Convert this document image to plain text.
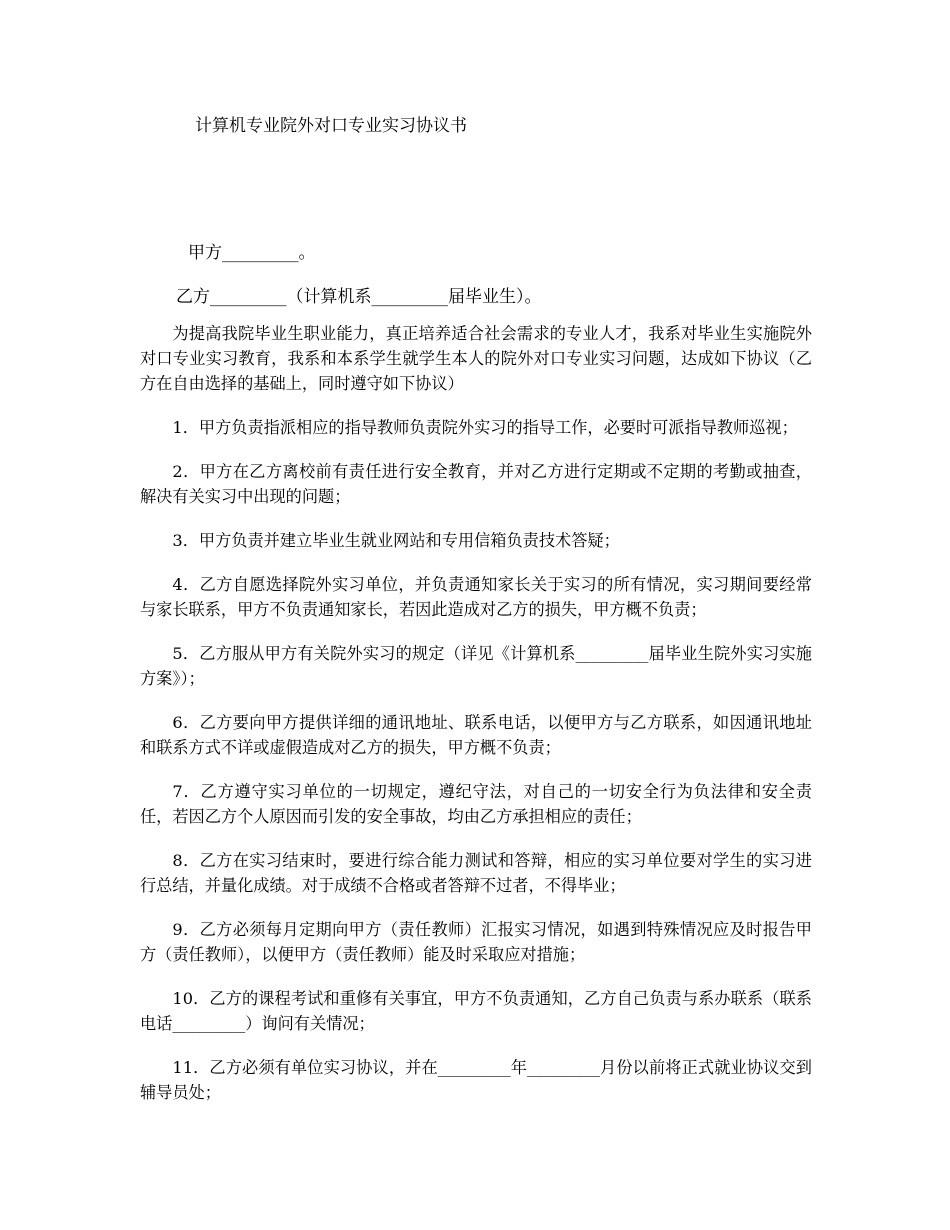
计算机专业院外对口专业实习协议书
甲方_________。
乙方_________（计算机系_________届毕业生）。

为提高我院毕业生职业能力，真正培养适合社会需求的专业人才，我系对毕业生实施院外对口专业实习教育，我系和本系学生就学生本人的院外对口专业实习问题，达成如下协议（乙方在自由选择的基础上，同时遵守如下协议）

1．甲方负责指派相应的指导教师负责院外实习的指导工作，必要时可派指导教师巡视；

2．甲方在乙方离校前有责任进行安全教育，并对乙方进行定期或不定期的考勤或抽查，解决有关实习中出现的问题；

3．甲方负责并建立毕业生就业网站和专用信箱负责技术答疑；

4．乙方自愿选择院外实习单位，并负责通知家长关于实习的所有情况，实习期间要经常与家长联系，甲方不负责通知家长，若因此造成对乙方的损失，甲方概不负责；

5．乙方服从甲方有关院外实习的规定（详见《计算机系_________届毕业生院外实习实施方案》）；

6．乙方要向甲方提供详细的通讯地址、联系电话，以便甲方与乙方联系，如因通讯地址和联系方式不详或虚假造成对乙方的损失，甲方概不负责；

7．乙方遵守实习单位的一切规定，遵纪守法，对自己的一切安全行为负法律和安全责任，若因乙方个人原因而引发的安全事故，均由乙方承担相应的责任；

8．乙方在实习结束时，要进行综合能力测试和答辩，相应的实习单位要对学生的实习进行总结，并量化成绩。对于成绩不合格或者答辩不过者，不得毕业；

9．乙方必须每月定期向甲方（责任教师）汇报实习情况，如遇到特殊情况应及时报告甲方（责任教师），以便甲方（责任教师）能及时采取应对措施；

10．乙方的课程考试和重修有关事宜，甲方不负责通知，乙方自己负责与系办联系（联系电话_________）询问有关情况；

11．乙方必须有单位实习协议，并在_________年_________月份以前将正式就业协议交到辅导员处；
